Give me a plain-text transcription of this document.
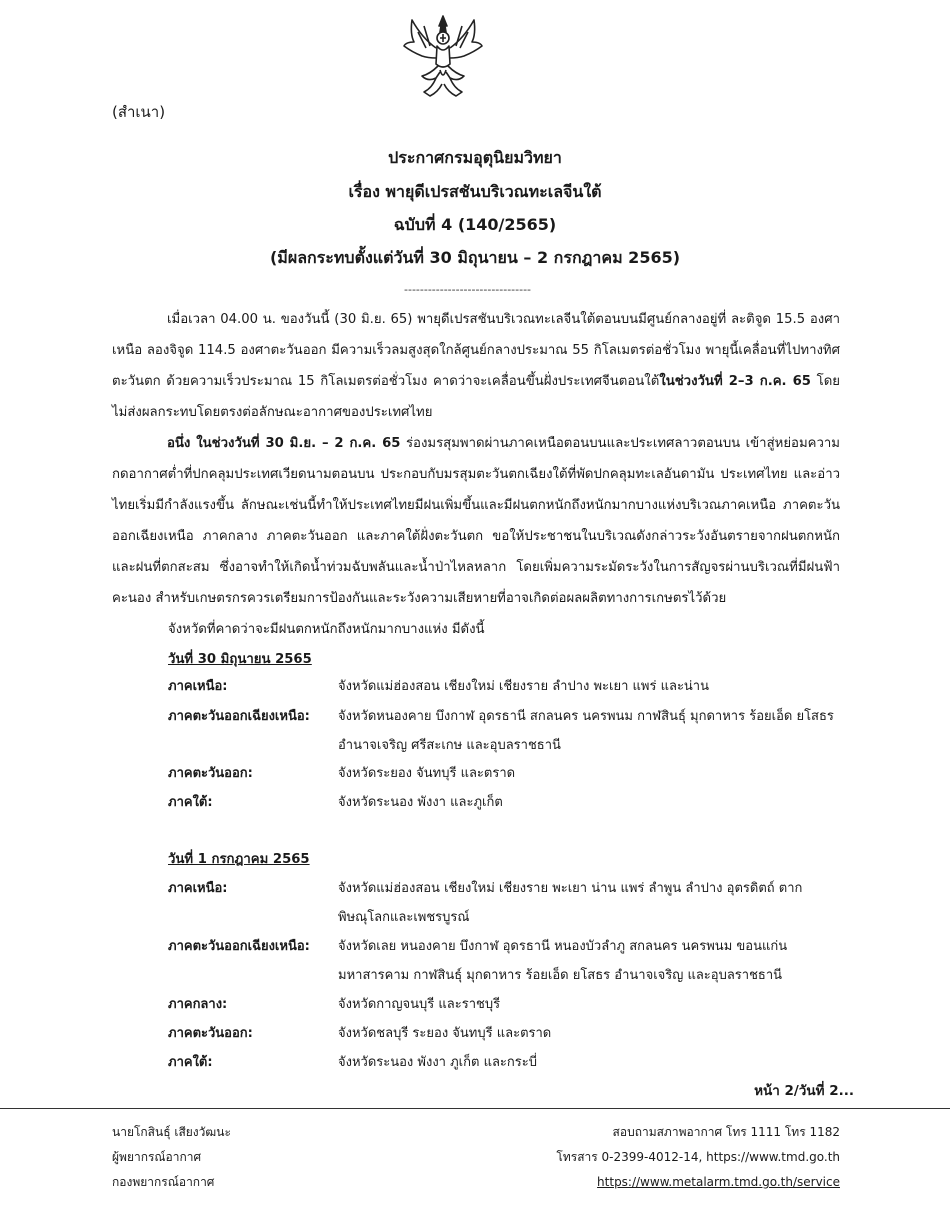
(สำเนา)
ประกาศกรมอุตุนิยมวิทยา
เรื่อง พายุดีเปรสชันบริเวณทะเลจีนใต้
ฉบับที่ 4 (140/2565)
(มีผลกระทบตั้งแต่วันที่ 30 มิถุนายน – 2 กรกฎาคม 2565)
--------------------------------

เมื่อเวลา 04.00 น. ของวันนี้ (30 มิ.ย. 65) พายุดีเปรสชันบริเวณทะเลจีนใต้ตอนบนมีศูนย์กลางอยู่ที่ ละติจูด 15.5 องศาเหนือ ลองจิจูด 114.5 องศาตะวันออก มีความเร็วลมสูงสุดใกล้ศูนย์กลางประมาณ 55 กิโลเมตรต่อชั่วโมง พายุนี้เคลื่อนที่ไปทางทิศตะวันตก ด้วยความเร็วประมาณ 15 กิโลเมตรต่อชั่วโมง คาดว่าจะเคลื่อนขึ้นฝั่งประเทศจีนตอนใต้ในช่วงวันที่ 2–3 ก.ค. 65 โดยไม่ส่งผลกระทบโดยตรงต่อลักษณะอากาศของประเทศไทย

อนึ่ง ในช่วงวันที่ 30 มิ.ย. – 2 ก.ค. 65 ร่องมรสุมพาดผ่านภาคเหนือตอนบนและประเทศลาวตอนบน เข้าสู่หย่อมความกดอากาศต่ำที่ปกคลุมประเทศเวียดนามตอนบน ประกอบกับมรสุมตะวันตกเฉียงใต้ที่พัดปกคลุมทะเลอันดามัน ประเทศไทย และอ่าวไทยเริ่มมีกำลังแรงขึ้น ลักษณะเช่นนี้ทำให้ประเทศไทยมีฝนเพิ่มขึ้นและมีฝนตกหนักถึงหนักมากบางแห่งบริเวณภาคเหนือ ภาคตะวันออกเฉียงเหนือ ภาคกลาง ภาคตะวันออก และภาคใต้ฝั่งตะวันตก ขอให้ประชาชนในบริเวณดังกล่าวระวังอันตรายจากฝนตกหนักและฝนที่ตกสะสม ซึ่งอาจทำให้เกิดน้ำท่วมฉับพลันและน้ำป่าไหลหลาก โดยเพิ่มความระมัดระวังในการสัญจรผ่านบริเวณที่มีฝนฟ้าคะนอง สำหรับเกษตรกรควรเตรียมการป้องกันและระวังความเสียหายที่อาจเกิดต่อผลผลิตทางการเกษตรไว้ด้วย

จังหวัดที่คาดว่าจะมีฝนตกหนักถึงหนักมากบางแห่ง มีดังนี้
วันที่ 30 มิถุนายน 2565
ภาคเหนือ:	จังหวัดแม่ฮ่องสอน เชียงใหม่ เชียงราย ลำปาง พะเยา แพร่ และน่าน
ภาคตะวันออกเฉียงเหนือ:	จังหวัดหนองคาย บึงกาฬ อุดรธานี สกลนคร นครพนม กาฬสินธุ์ มุกดาหาร ร้อยเอ็ด ยโสธร อำนาจเจริญ ศรีสะเกษ และอุบลราชธานี
ภาคตะวันออก:	จังหวัดระยอง จันทบุรี และตราด
ภาคใต้:	จังหวัดระนอง พังงา และภูเก็ต
วันที่ 1 กรกฎาคม 2565
ภาคเหนือ:	จังหวัดแม่ฮ่องสอน เชียงใหม่ เชียงราย พะเยา น่าน แพร่ ลำพูน ลำปาง อุตรดิตถ์ ตาก พิษณุโลกและเพชรบูรณ์
ภาคตะวันออกเฉียงเหนือ:	จังหวัดเลย หนองคาย บึงกาฬ อุดรธานี หนองบัวลำภู สกลนคร นครพนม ขอนแก่น มหาสารคาม กาฬสินธุ์ มุกดาหาร ร้อยเอ็ด ยโสธร อำนาจเจริญ และอุบลราชธานี
ภาคกลาง:	จังหวัดกาญจนบุรี และราชบุรี
ภาคตะวันออก:	จังหวัดชลบุรี ระยอง จันทบุรี และตราด
ภาคใต้:	จังหวัดระนอง พังงา ภูเก็ต และกระบี่
หน้า 2/วันที่ 2...
นายโกสินธุ์ เสียงวัฒนะ
ผู้พยากรณ์อากาศ
กองพยากรณ์อากาศ
สอบถามสภาพอากาศ โทร 1111 โทร 1182
โทรสาร 0-2399-4012-14, https://www.tmd.go.th
https://www.metalarm.tmd.go.th/service
